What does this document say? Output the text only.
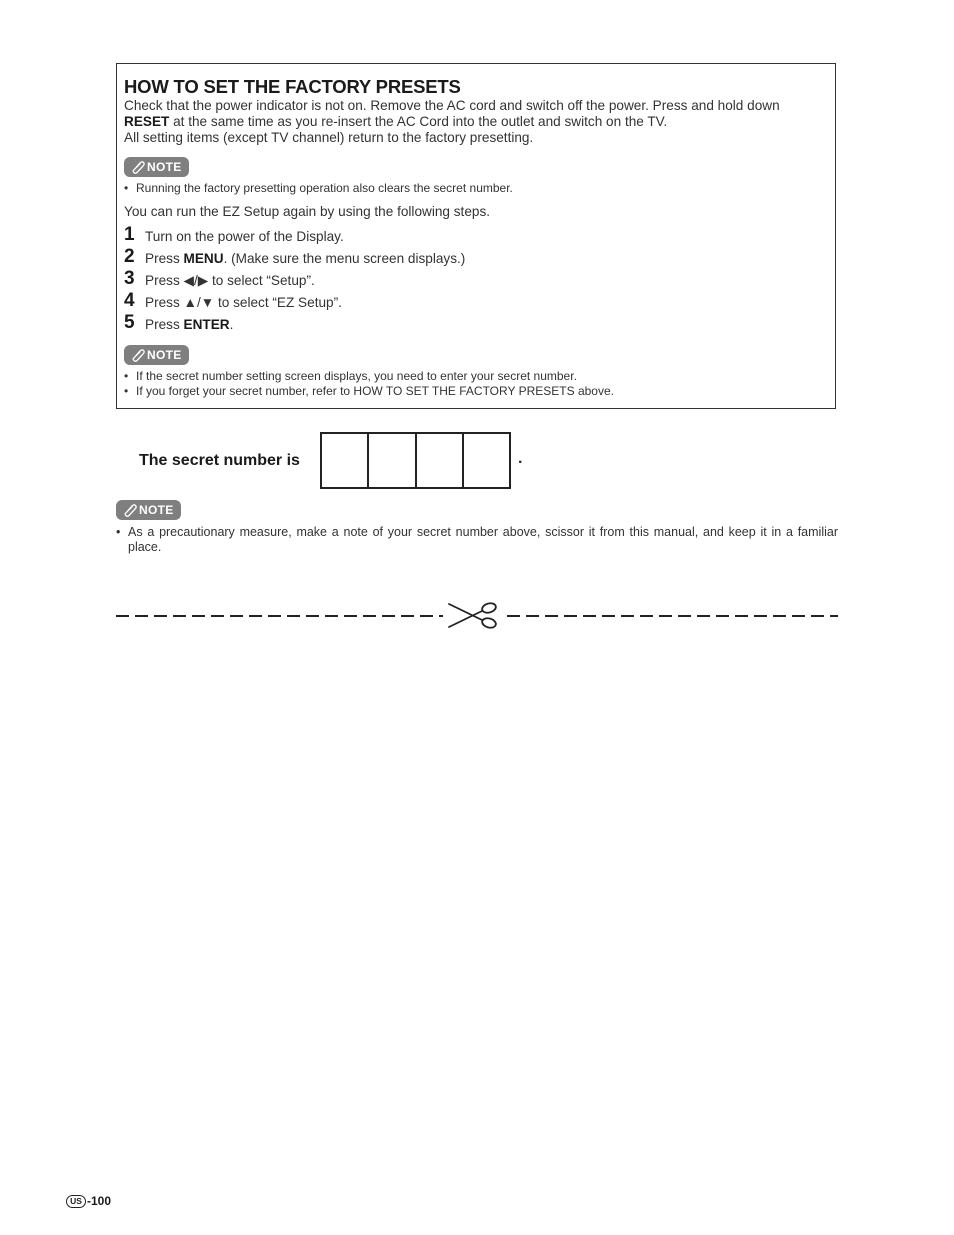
HOW TO SET THE FACTORY PRESETS
Check that the power indicator is not on. Remove the AC cord and switch off the power. Press and hold down
RESET at the same time as you re-insert the AC Cord into the outlet and switch on the TV.
All setting items (except TV channel) return to the factory presetting.
NOTE
• Running the factory presetting operation also clears the secret number.
You can run the EZ Setup again by using the following steps.
1 Turn on the power of the Display.
2 Press MENU. (Make sure the menu screen displays.)
3 Press ◀/▶ to select “Setup”.
4 Press ▲/▼ to select “EZ Setup”.
5 Press ENTER.
NOTE
• If the secret number setting screen displays, you need to enter your secret number.
• If you forget your secret number, refer to HOW TO SET THE FACTORY PRESETS above.
The secret number is	.
NOTE
• As a precautionary measure, make a note of your secret number above, scissor it from this manual, and keep it in a familiar place.
US -100
